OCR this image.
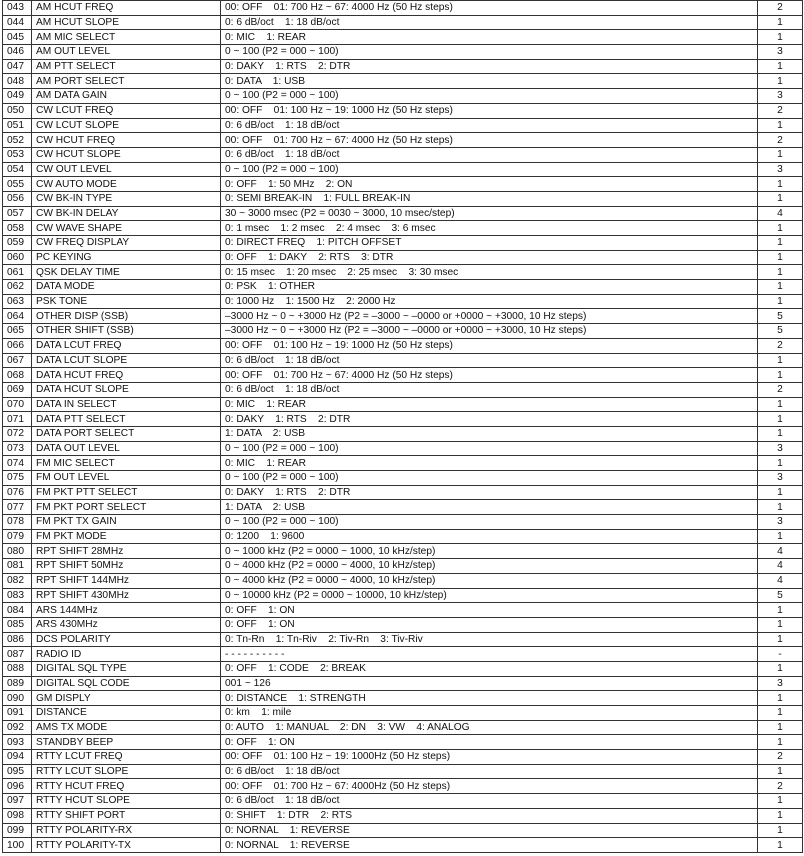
043	AM HCUT FREQ	00: OFF    01: 700 Hz ~ 67: 4000 Hz (50 Hz steps)	2
044	AM HCUT SLOPE	0: 6 dB/oct    1: 18 dB/oct	1
045	AM MIC SELECT	0: MIC    1: REAR	1
046	AM OUT LEVEL	0 ~ 100 (P2 = 000 ~ 100)	3
047	AM PTT SELECT	0: DAKY    1: RTS    2: DTR	1
048	AM PORT SELECT	0: DATA    1: USB	1
049	AM DATA GAIN	0 ~ 100 (P2 = 000 ~ 100)	3
050	CW LCUT FREQ	00: OFF    01: 100 Hz ~ 19: 1000 Hz (50 Hz steps)	2
051	CW LCUT SLOPE	0: 6 dB/oct    1: 18 dB/oct	1
052	CW HCUT FREQ	00: OFF    01: 700 Hz ~ 67: 4000 Hz (50 Hz steps)	2
053	CW HCUT SLOPE	0: 6 dB/oct    1: 18 dB/oct	1
054	CW OUT LEVEL	0 ~ 100 (P2 = 000 ~ 100)	3
055	CW AUTO MODE	0: OFF    1: 50 MHz    2: ON	1
056	CW BK-IN TYPE	0: SEMI BREAK-IN    1: FULL BREAK-IN	1
057	CW BK-IN DELAY	30 ~ 3000 msec (P2 = 0030 ~ 3000, 10 msec/step)	4
058	CW WAVE SHAPE	0: 1 msec    1: 2 msec    2: 4 msec    3: 6 msec	1
059	CW FREQ DISPLAY	0: DIRECT FREQ    1: PITCH OFFSET	1
060	PC KEYING	0: OFF    1: DAKY    2: RTS    3: DTR	1
061	QSK DELAY TIME	0: 15 msec    1: 20 msec    2: 25 msec    3: 30 msec	1
062	DATA MODE	0: PSK    1: OTHER	1
063	PSK TONE	0: 1000 Hz    1: 1500 Hz    2: 2000 Hz	1
064	OTHER DISP (SSB)	–3000 Hz ~ 0 ~ +3000 Hz (P2 = –3000 ~ –0000 or +0000 ~ +3000, 10 Hz steps)	5
065	OTHER SHIFT (SSB)	–3000 Hz ~ 0 ~ +3000 Hz (P2 = –3000 ~ –0000 or +0000 ~ +3000, 10 Hz steps)	5
066	DATA LCUT FREQ	00: OFF    01: 100 Hz ~ 19: 1000 Hz (50 Hz steps)	2
067	DATA LCUT SLOPE	0: 6 dB/oct    1: 18 dB/oct	1
068	DATA HCUT FREQ	00: OFF    01: 700 Hz ~ 67: 4000 Hz (50 Hz steps)	1
069	DATA HCUT SLOPE	0: 6 dB/oct    1: 18 dB/oct	2
070	DATA IN SELECT	0: MIC    1: REAR	1
071	DATA PTT SELECT	0: DAKY    1: RTS    2: DTR	1
072	DATA PORT SELECT	1: DATA    2: USB	1
073	DATA OUT LEVEL	0 ~ 100 (P2 = 000 ~ 100)	3
074	FM MIC SELECT	0: MIC    1: REAR	1
075	FM OUT LEVEL	0 ~ 100 (P2 = 000 ~ 100)	3
076	FM PKT PTT SELECT	0: DAKY    1: RTS    2: DTR	1
077	FM PKT PORT SELECT	1: DATA    2: USB	1
078	FM PKT TX GAIN	0 ~ 100 (P2 = 000 ~ 100)	3
079	FM PKT MODE	0: 1200    1: 9600	1
080	RPT SHIFT 28MHz	0 ~ 1000 kHz (P2 = 0000 ~ 1000, 10 kHz/step)	4
081	RPT SHIFT 50MHz	0 ~ 4000 kHz (P2 = 0000 ~ 4000, 10 kHz/step)	4
082	RPT SHIFT 144MHz	0 ~ 4000 kHz (P2 = 0000 ~ 4000, 10 kHz/step)	4
083	RPT SHIFT 430MHz	0 ~ 10000 kHz (P2 = 0000 ~ 10000, 10 kHz/step)	5
084	ARS 144MHz	0: OFF    1: ON	1
085	ARS 430MHz	0: OFF    1: ON	1
086	DCS POLARITY	0: Tn-Rn    1: Tn-Riv    2: Tiv-Rn    3: Tiv-Riv	1
087	RADIO ID	- - - - - - - - - -	-
088	DIGITAL SQL TYPE	0: OFF    1: CODE    2: BREAK	1
089	DIGITAL SQL CODE	001 ~ 126	3
090	GM DISPLY	0: DISTANCE    1: STRENGTH	1
091	DISTANCE	0: km    1: mile	1
092	AMS TX MODE	0: AUTO    1: MANUAL    2: DN    3: VW    4: ANALOG	1
093	STANDBY BEEP	0: OFF    1: ON	1
094	RTTY LCUT FREQ	00: OFF    01: 100 Hz ~ 19: 1000Hz (50 Hz steps)	2
095	RTTY LCUT SLOPE	0: 6 dB/oct    1: 18 dB/oct	1
096	RTTY HCUT FREQ	00: OFF    01: 700 Hz ~ 67: 4000Hz (50 Hz steps)	2
097	RTTY HCUT SLOPE	0: 6 dB/oct    1: 18 dB/oct	1
098	RTTY SHIFT PORT	0: SHIFT    1: DTR    2: RTS	1
099	RTTY POLARITY-RX	0: NORNAL    1: REVERSE	1
100	RTTY POLARITY-TX	0: NORNAL    1: REVERSE	1
